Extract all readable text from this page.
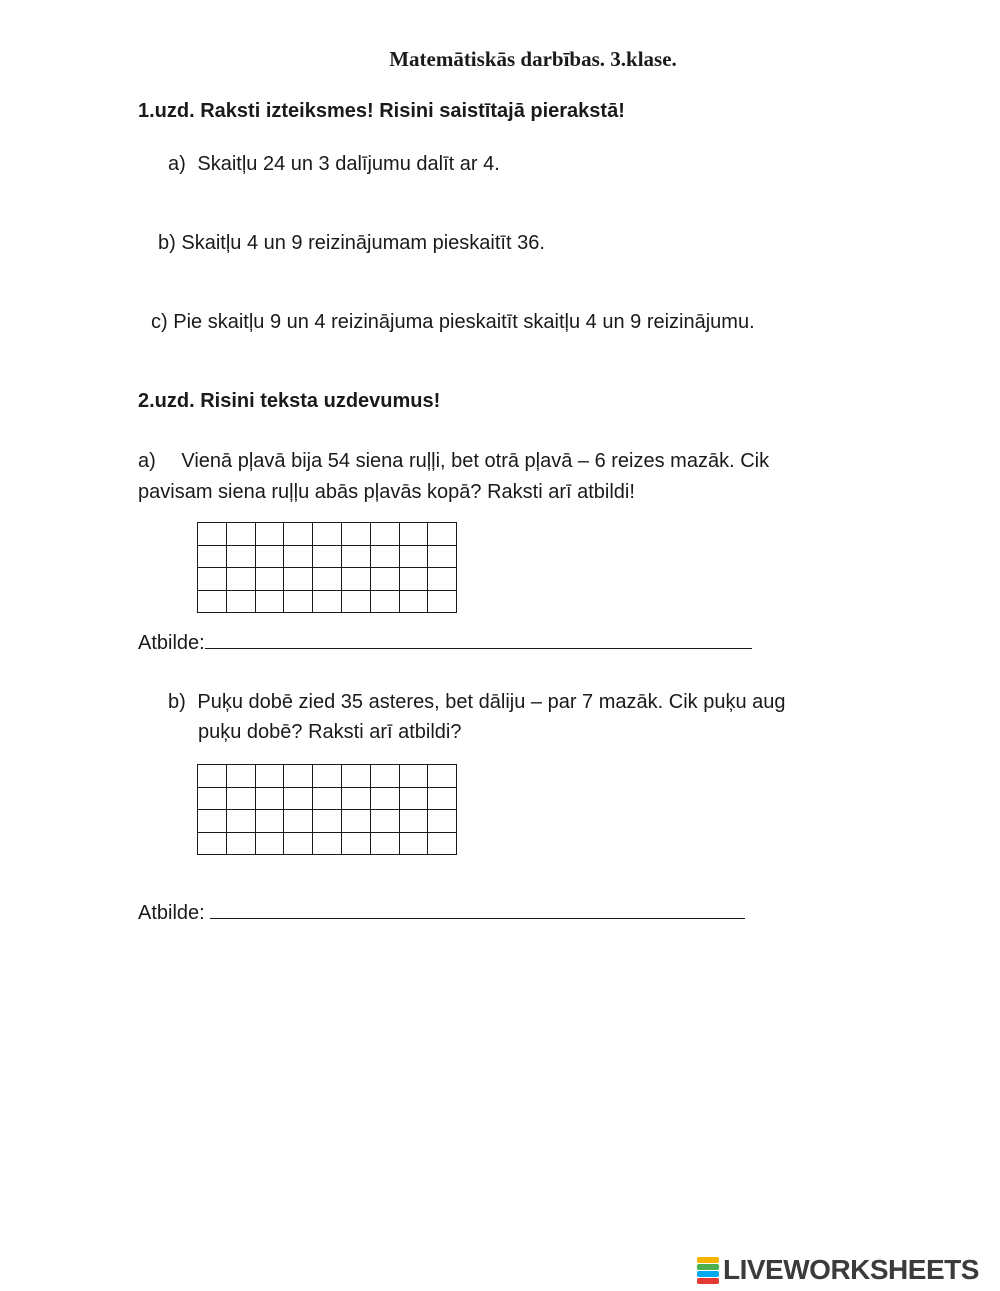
Matemātiskās darbības. 3.klase.
1.uzd. Raksti izteiksmes! Risini saistītajā pierakstā!
a) Skaitļu 24 un 3 dalījumu dalīt ar 4.
b) Skaitļu 4 un 9 reizinājumam pieskaitīt 36.
c) Pie skaitļu 9 un 4 reizinājuma pieskaitīt skaitļu 4 un 9 reizinājumu.
2.uzd. Risini teksta uzdevumus!
a) Vienā pļavā bija 54 siena ruļļi, bet otrā pļavā – 6 reizes mazāk. Cik
pavisam siena ruļļu abās pļavās kopā? Raksti arī atbildi!

Atbilde:
b) Puķu dobē zied 35 asteres, bet dāliju – par 7 mazāk. Cik puķu aug
puķu dobē? Raksti arī atbildi?

Atbilde:
LIVEWORKSHEETS
